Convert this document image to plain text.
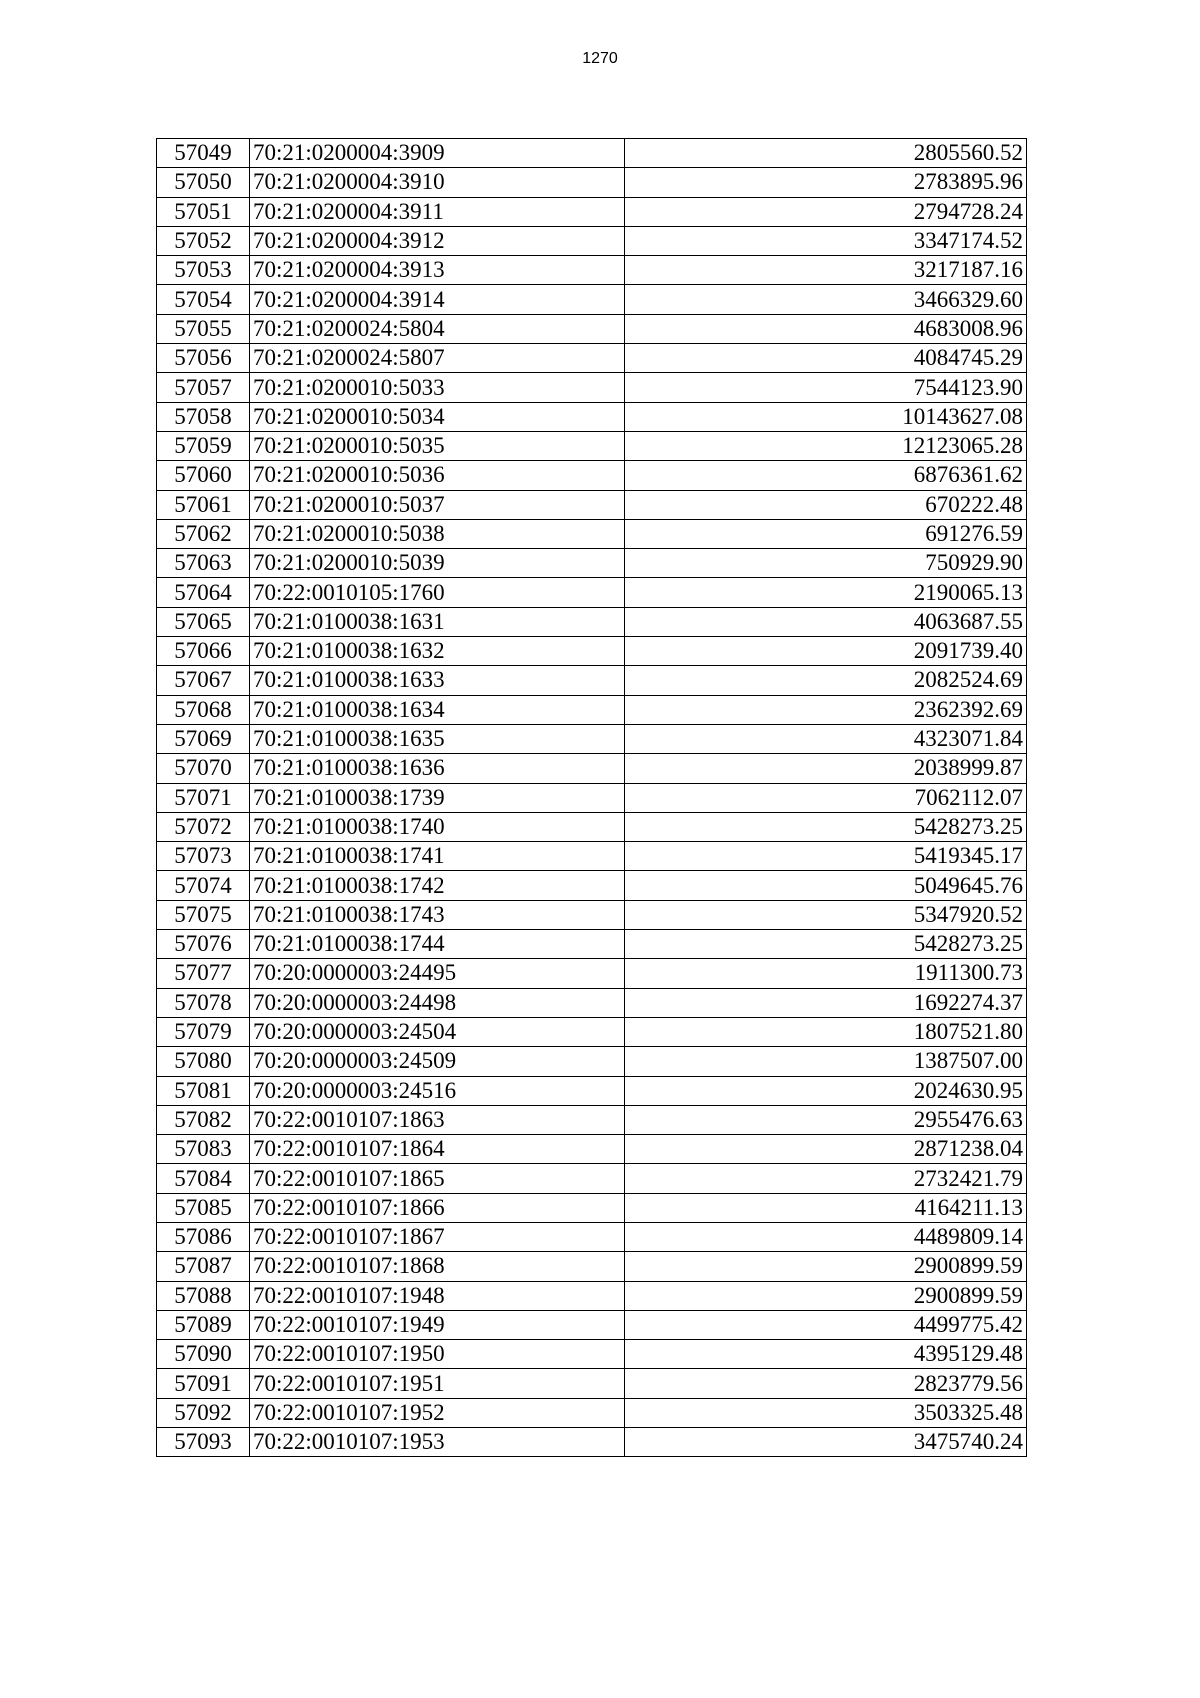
1270
57049	70:21:0200004:3909	2805560.52
57050	70:21:0200004:3910	2783895.96
57051	70:21:0200004:3911	2794728.24
57052	70:21:0200004:3912	3347174.52
57053	70:21:0200004:3913	3217187.16
57054	70:21:0200004:3914	3466329.60
57055	70:21:0200024:5804	4683008.96
57056	70:21:0200024:5807	4084745.29
57057	70:21:0200010:5033	7544123.90
57058	70:21:0200010:5034	10143627.08
57059	70:21:0200010:5035	12123065.28
57060	70:21:0200010:5036	6876361.62
57061	70:21:0200010:5037	670222.48
57062	70:21:0200010:5038	691276.59
57063	70:21:0200010:5039	750929.90
57064	70:22:0010105:1760	2190065.13
57065	70:21:0100038:1631	4063687.55
57066	70:21:0100038:1632	2091739.40
57067	70:21:0100038:1633	2082524.69
57068	70:21:0100038:1634	2362392.69
57069	70:21:0100038:1635	4323071.84
57070	70:21:0100038:1636	2038999.87
57071	70:21:0100038:1739	7062112.07
57072	70:21:0100038:1740	5428273.25
57073	70:21:0100038:1741	5419345.17
57074	70:21:0100038:1742	5049645.76
57075	70:21:0100038:1743	5347920.52
57076	70:21:0100038:1744	5428273.25
57077	70:20:0000003:24495	1911300.73
57078	70:20:0000003:24498	1692274.37
57079	70:20:0000003:24504	1807521.80
57080	70:20:0000003:24509	1387507.00
57081	70:20:0000003:24516	2024630.95
57082	70:22:0010107:1863	2955476.63
57083	70:22:0010107:1864	2871238.04
57084	70:22:0010107:1865	2732421.79
57085	70:22:0010107:1866	4164211.13
57086	70:22:0010107:1867	4489809.14
57087	70:22:0010107:1868	2900899.59
57088	70:22:0010107:1948	2900899.59
57089	70:22:0010107:1949	4499775.42
57090	70:22:0010107:1950	4395129.48
57091	70:22:0010107:1951	2823779.56
57092	70:22:0010107:1952	3503325.48
57093	70:22:0010107:1953	3475740.24
